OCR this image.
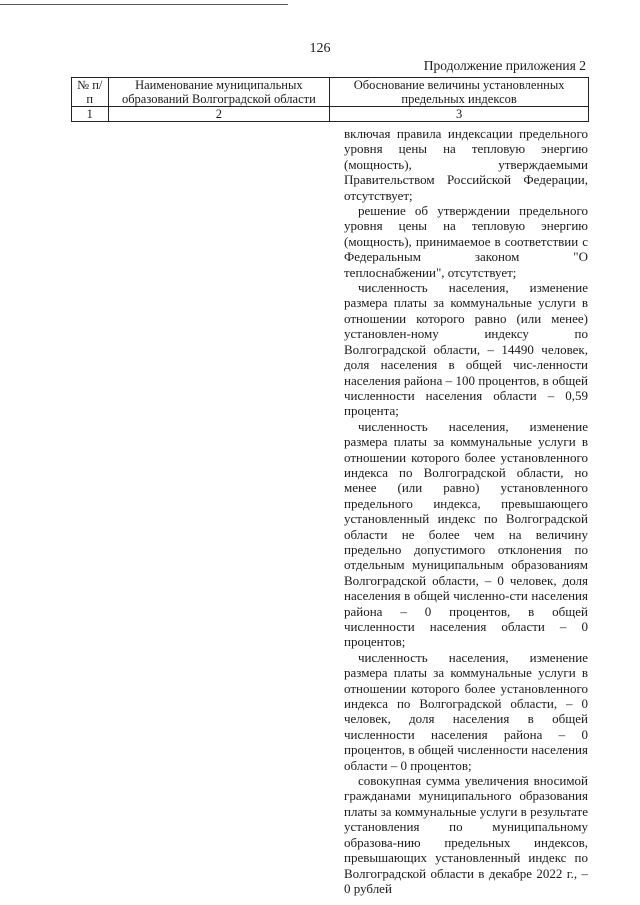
126
Продолжение приложения 2
№ п/п	Наименование муниципальных образований Волгоградской области	Обоснование величины установленных предельных индексов
1	2	3

включая правила индексации предельного уровня цены на тепловую энергию (мощность), утверждаемыми Правительством Российской Федерации, отсутствует;

решение об утверждении предельного уровня цены на тепловую энергию (мощность), принимаемое в соответствии с Федеральным законом "О теплоснабжении", отсутствует;

численность населения, изменение размера платы за коммунальные услуги в отношении которого равно (или менее) установлен-ному индексу по Волгоградской области, – 14490 человек, доля населения в общей чис-ленности населения района – 100 процентов, в общей численности населения области – 0,59 процента;

численность населения, изменение размера платы за коммунальные услуги в отношении которого более установленного индекса по Волгоградской области, но менее (или равно) установленного предельного индекса, превышающего установленный индекс по Волгоградской области не более чем на величину предельно допустимого отклонения по отдельным муниципальным образованиям Волгоградской области, – 0 человек, доля населения в общей численно-сти населения района – 0 процентов, в общей численности населения области – 0 процентов;

численность населения, изменение размера платы за коммунальные услуги в отношении которого более установленного индекса по Волгоградской области, – 0 человек, доля населения в общей численности населения района – 0 процентов, в общей численности населения области – 0 процентов;

совокупная сумма увеличения вносимой гражданами муниципального образования платы за коммунальные услуги в результате установления по муниципальному образова-нию предельных индексов, превышающих установленный индекс по Волгоградской области в декабре 2022 г., – 0 рублей
